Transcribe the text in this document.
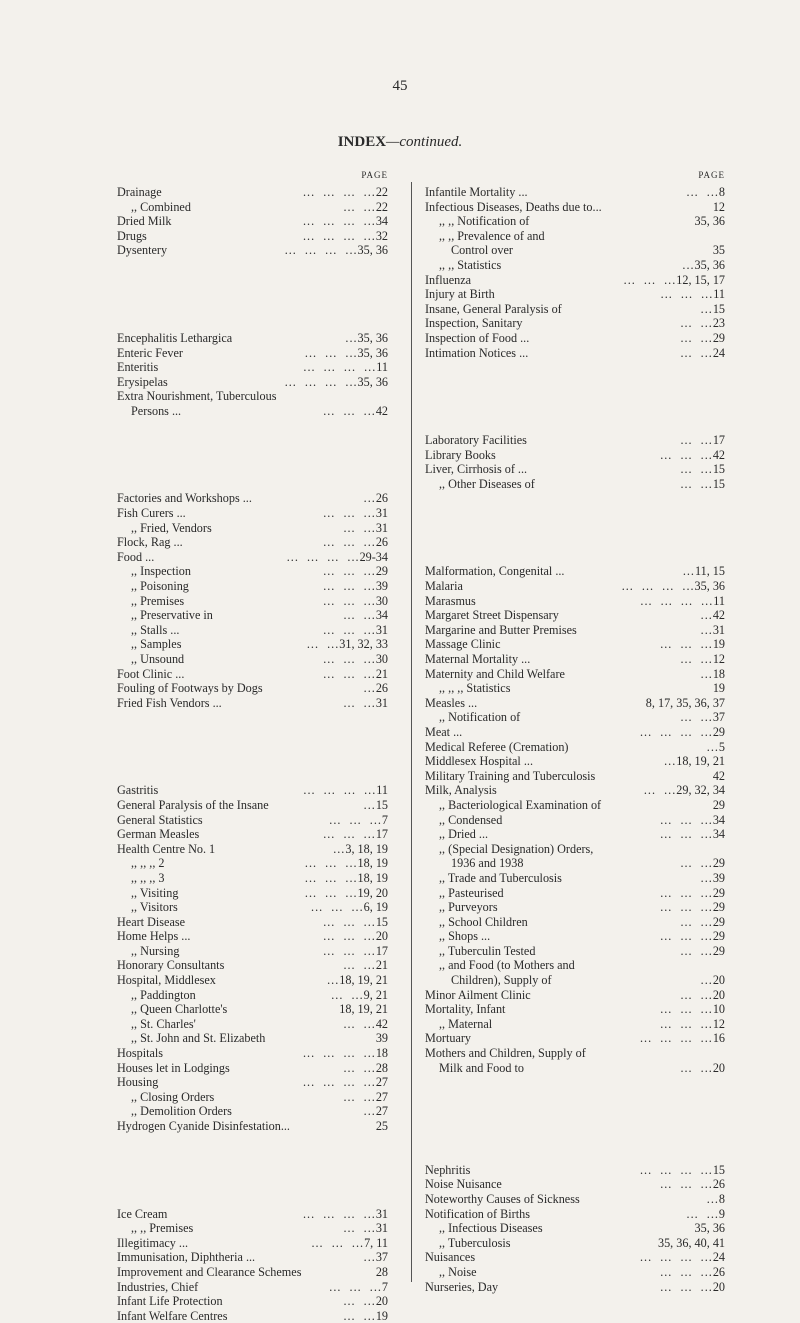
45
INDEX—continued.
PAGE
Drainage	...  ...  ...  ... 22
,, Combined	...  ... 22
Dried Milk	...  ...  ...  ... 34
Drugs	...  ...  ...  ... 32
Dysentery	...  ...  ...  ... 35, 36
Encephalitis Lethargica	... 35, 36
Enteric Fever	...  ...  ... 35, 36
Enteritis	...  ...  ...  ... 11
Erysipelas	...  ...  ...  ... 35, 36
Extra Nourishment, Tuberculous
Persons ...	...  ...  ... 42
Factories and Workshops ...	... 26
Fish Curers ...	...  ...  ... 31
,, Fried, Vendors	...  ... 31
Flock, Rag ...	...  ...  ... 26
Food ...	...  ...  ...  ... 29-34
,, Inspection	...  ...  ... 29
,, Poisoning	...  ...  ... 39
,, Premises	...  ...  ... 30
,, Preservative in	...  ... 34
,, Stalls ...	...  ...  ... 31
,, Samples	...  ... 31, 32, 33
,, Unsound	...  ...  ... 30
Foot Clinic ...	...  ...  ... 21
Fouling of Footways by Dogs	... 26
Fried Fish Vendors ...	...  ... 31
Gastritis	...  ...  ...  ... 11
General Paralysis of the Insane	... 15
General Statistics	...  ...  ... 7
German Measles	...  ...  ... 17
Health Centre No. 1	... 3, 18, 19
,, ,, ,, 2	...  ...  ... 18, 19
,, ,, ,, 3	...  ...  ... 18, 19
,, Visiting	...  ...  ... 19, 20
,, Visitors	...  ...  ... 6, 19
Heart Disease	...  ...  ... 15
Home Helps ...	...  ...  ... 20
,, Nursing	...  ...  ... 17
Honorary Consultants	...  ... 21
Hospital, Middlesex	... 18, 19, 21
,, Paddington	...  ... 9, 21
,, Queen Charlotte's	18, 19, 21
,, St. Charles'	...  ... 42
,, St. John and St. Elizabeth	39
Hospitals	...  ...  ...  ... 18
Houses let in Lodgings	...  ... 28
Housing	...  ...  ...  ... 27
,, Closing Orders	...  ... 27
,, Demolition Orders	... 27
Hydrogen Cyanide Disinfestation...	25
Ice Cream	...  ...  ...  ... 31
,, ,, Premises	...  ... 31
Illegitimacy ...	...  ...  ... 7, 11
Immunisation, Diphtheria ...	... 37
Improvement and Clearance Schemes	28
Industries, Chief	...  ...  ... 7
Infant Life Protection	...  ... 20
Infant Welfare Centres	...  ... 19
PAGE
Infantile Mortality ...	...  ... 8
Infectious Diseases, Deaths due to...	12
,, ,, Notification of	35, 36
,, ,, Prevalence of and
Control over	35
,, ,, Statistics	... 35, 36
Influenza	...  ...  ... 12, 15, 17
Injury at Birth	...  ...  ... 11
Insane, General Paralysis of	... 15
Inspection, Sanitary	...  ... 23
Inspection of Food ...	...  ... 29
Intimation Notices ...	...  ... 24
Laboratory Facilities	...  ... 17
Library Books	...  ...  ... 42
Liver, Cirrhosis of ...	...  ... 15
,, Other Diseases of	...  ... 15
Malformation, Congenital ...	... 11, 15
Malaria	...  ...  ...  ... 35, 36
Marasmus	...  ...  ...  ... 11
Margaret Street Dispensary	... 42
Margarine and Butter Premises	... 31
Massage Clinic	...  ...  ... 19
Maternal Mortality ...	...  ... 12
Maternity and Child Welfare	... 18
,, ,, ,, Statistics	19
Measles ...	8, 17, 35, 36, 37
,, Notification of	...  ... 37
Meat ...	...  ...  ...  ... 29
Medical Referee (Cremation)	... 5
Middlesex Hospital ...	... 18, 19, 21
Military Training and Tuberculosis	42
Milk, Analysis	...  ... 29, 32, 34
,, Bacteriological Examination of	29
,, Condensed	...  ...  ... 34
,, Dried ...	...  ...  ... 34
,, (Special Designation) Orders,
1936 and 1938	...  ... 29
,, Trade and Tuberculosis	... 39
,, Pasteurised	...  ...  ... 29
,, Purveyors	...  ...  ... 29
,, School Children	...  ... 29
,, Shops ...	...  ...  ... 29
,, Tuberculin Tested	...  ... 29
,, and Food (to Mothers and
Children), Supply of	... 20
Minor Ailment Clinic	...  ... 20
Mortality, Infant	...  ...  ... 10
,, Maternal	...  ...  ... 12
Mortuary	...  ...  ...  ... 16
Mothers and Children, Supply of
Milk and Food to	...  ... 20
Nephritis	...  ...  ...  ... 15
Noise Nuisance	...  ...  ... 26
Noteworthy Causes of Sickness	... 8
Notification of Births	...  ... 9
,, Infectious Diseases	35, 36
,, Tuberculosis	35, 36, 40, 41
Nuisances	...  ...  ...  ... 24
,, Noise	...  ...  ... 26
Nurseries, Day	...  ...  ... 20
